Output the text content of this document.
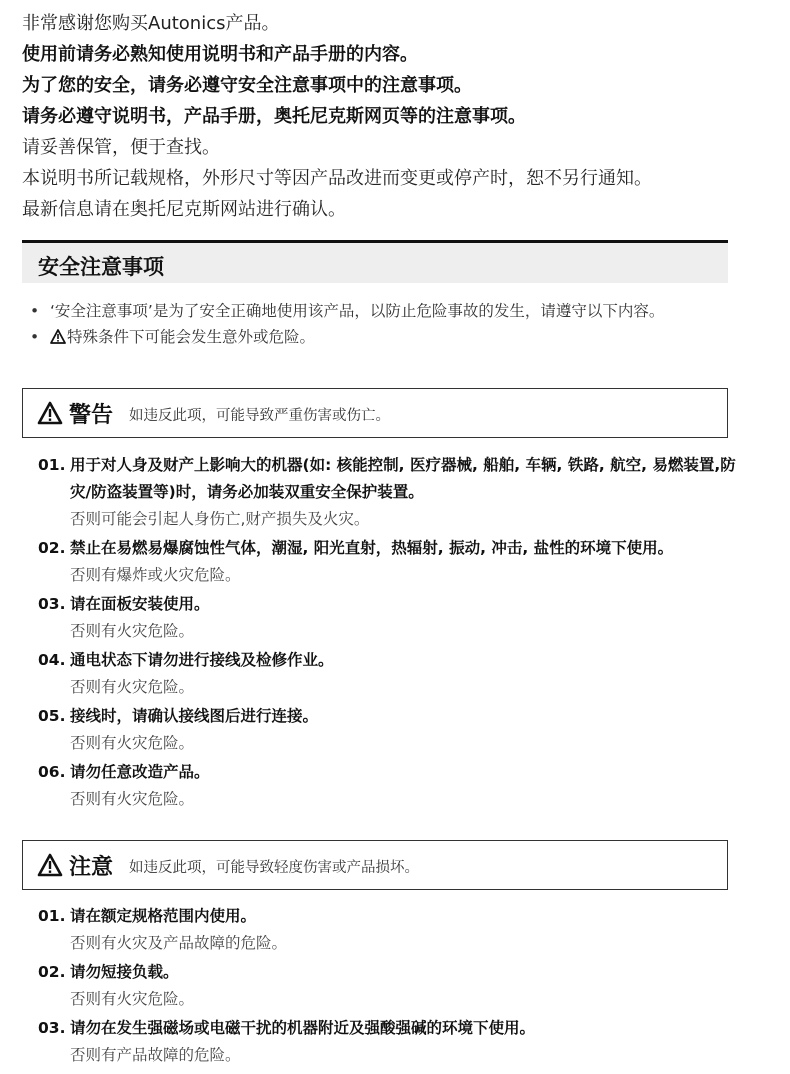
非常感谢您购买Autonics产品。
使用前请务必熟知使用说明书和产品手册的内容。
为了您的安全，请务必遵守安全注意事项中的注意事项。
请务必遵守说明书，产品手册，奥托尼克斯网页等的注意事项。
请妥善保管，便于查找。
本说明书所记载规格，外形尺寸等因产品改进而变更或停产时，恕不另行通知。
最新信息请在奥托尼克斯网站进行确认。
安全注意事项
• ‘安全注意事项’是为了安全正确地使用该产品，以防止危险事故的发生，请遵守以下内容。
• 特殊条件下可能会发生意外或危险。
警告 如违反此项，可能导致严重伤害或伤亡。
01. 用于对人身及财产上影响大的机器(如: 核能控制, 医疗器械, 船舶, 车辆, 铁路, 航空, 易燃装置,防灾/防盗装置等)时，请务必加装双重安全保护装置。
否则可能会引起人身伤亡,财产损失及火灾。
02. 禁止在易燃易爆腐蚀性气体，潮湿, 阳光直射，热辐射, 振动, 冲击, 盐性的环境下使用。
否则有爆炸或火灾危险。
03. 请在面板安装使用。
否则有火灾危险。
04. 通电状态下请勿进行接线及检修作业。
否则有火灾危险。
05. 接线时，请确认接线图后进行连接。
否则有火灾危险。
06. 请勿任意改造产品。
否则有火灾危险。
注意 如违反此项，可能导致轻度伤害或产品损坏。
01. 请在额定规格范围内使用。
否则有火灾及产品故障的危险。
02. 请勿短接负载。
否则有火灾危险。
03. 请勿在发生强磁场或电磁干扰的机器附近及强酸强碱的环境下使用。
否则有产品故障的危险。
